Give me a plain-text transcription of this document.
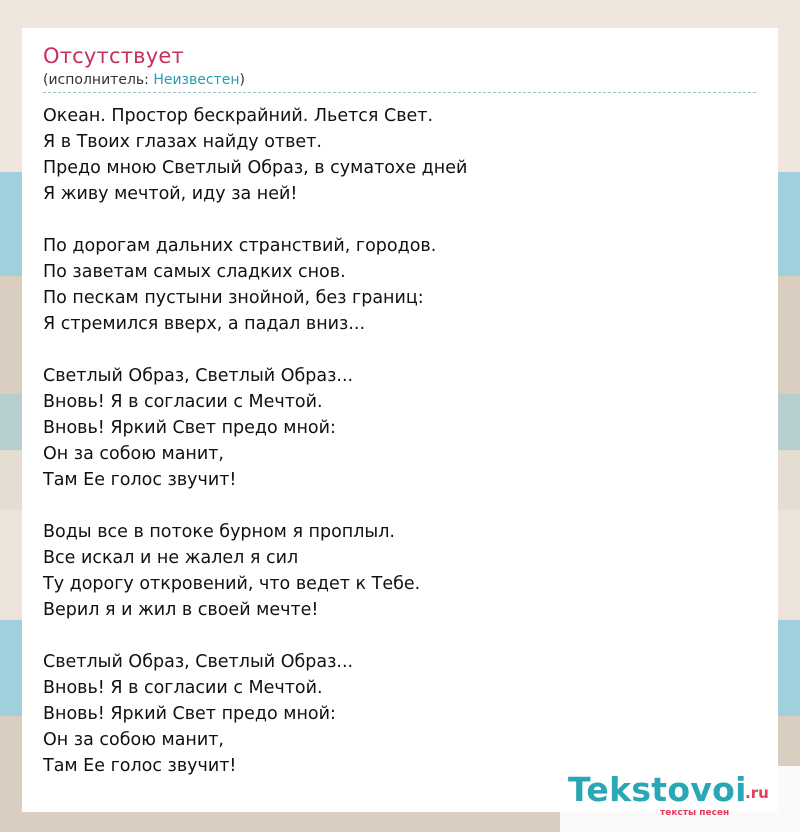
Отсутствует
(исполнитель: Неизвестен)
Океан. Простор бескрайний. Льется Свет.
Я в Твоих глазах найду ответ.
Предо мною Светлый Образ, в суматохе дней
Я живу мечтой, иду за ней!
По дорогам дальних странствий, городов.
По заветам самых сладких снов.
По пескам пустыни знойной, без границ:
Я стремился вверх, а падал вниз...
Светлый Образ, Светлый Образ...
Вновь! Я в согласии с Мечтой.
Вновь! Яркий Свет предо мной:
Он за собою манит,
Там Ее голос звучит!
Воды все в потоке бурном я проплыл.
Все искал и не жалел я сил
Ту дорогу откровений, что ведет к Тебе.
Верил я и жил в своей мечте!
Светлый Образ, Светлый Образ...
Вновь! Я в согласии с Мечтой.
Вновь! Яркий Свет предо мной:
Он за собою манит,
Там Ее голос звучит!
Tekstovoi
.ru
тексты песен
